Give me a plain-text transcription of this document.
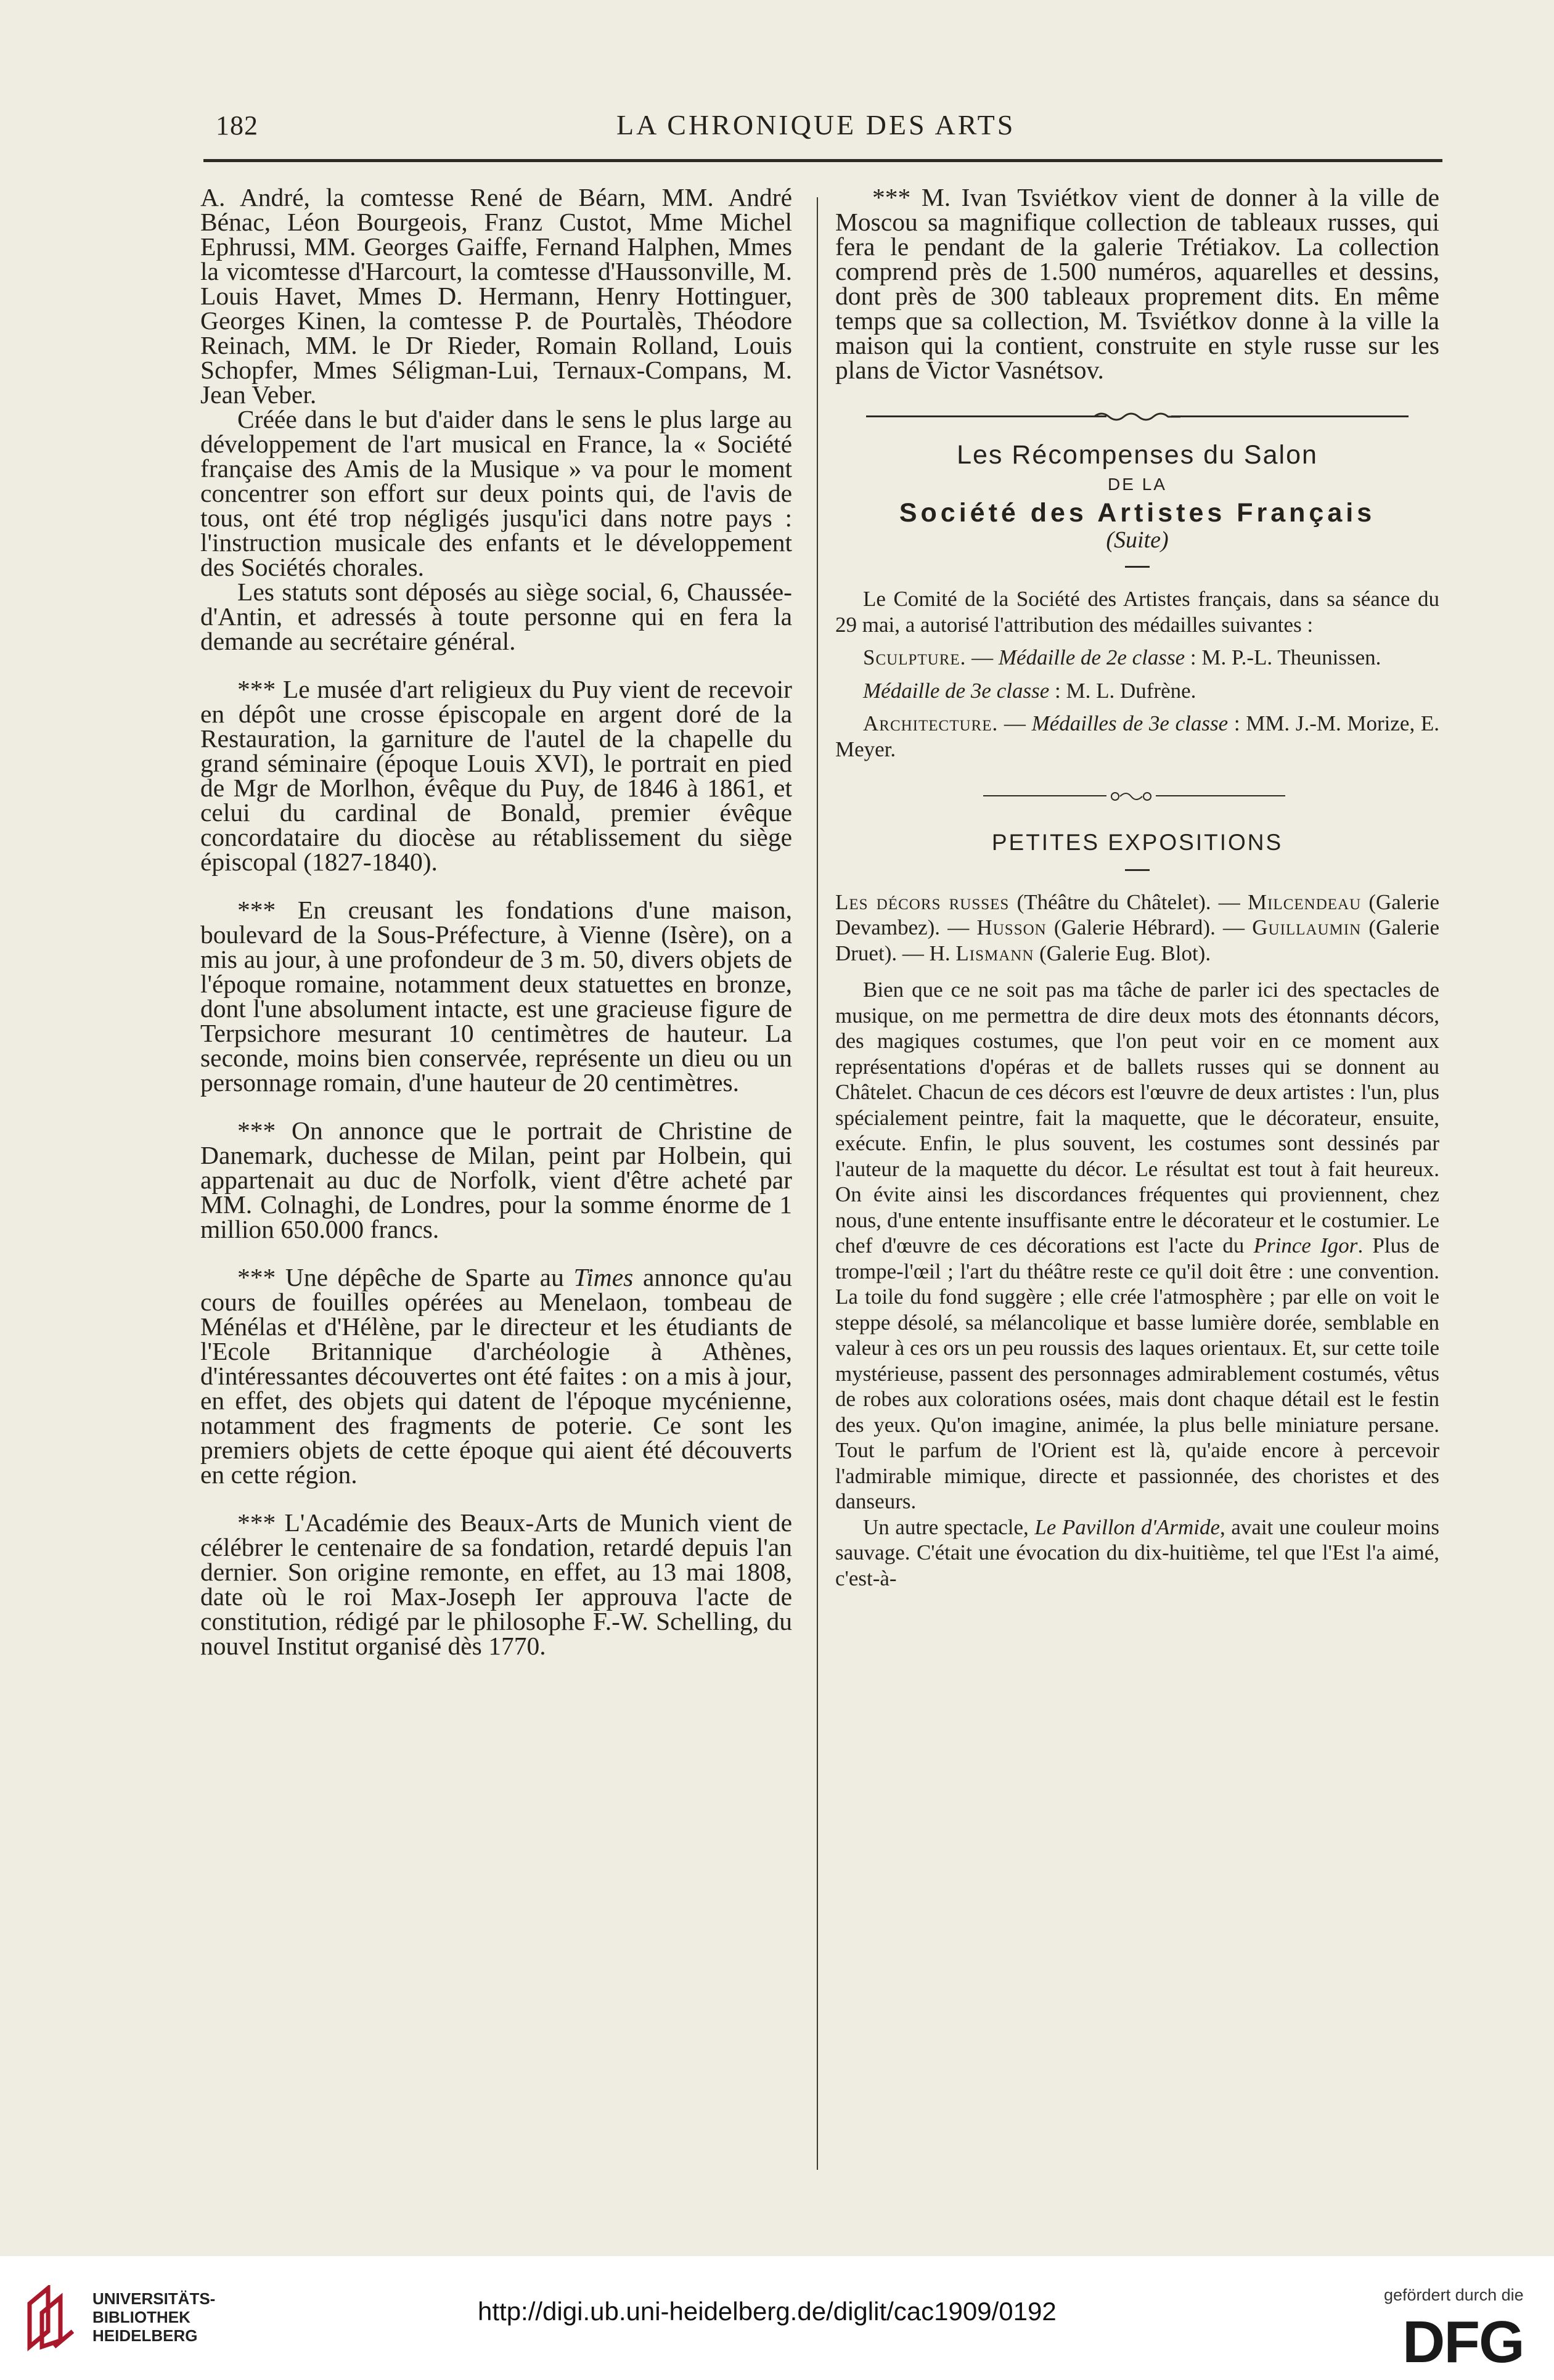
182	LA CHRONIQUE DES ARTS

A. André, la comtesse René de Béarn, MM. André Bénac, Léon Bourgeois, Franz Custot, Mme Michel Ephrussi, MM. Georges Gaiffe, Fernand Halphen, Mmes la vicomtesse d'Harcourt, la comtesse d'Haussonville, M. Louis Havet, Mmes D. Hermann, Henry Hottinguer, Georges Kinen, la comtesse P. de Pourtalès, Théodore Reinach, MM. le Dr Rieder, Romain Rolland, Louis Schopfer, Mmes Séligman-Lui, Ternaux-Compans, M. Jean Veber.

Créée dans le but d'aider dans le sens le plus large au développement de l'art musical en France, la « Société française des Amis de la Musique » va pour le moment concentrer son effort sur deux points qui, de l'avis de tous, ont été trop négligés jusqu'ici dans notre pays : l'instruction musicale des enfants et le développement des Sociétés chorales.

Les statuts sont déposés au siège social, 6, Chaussée-d'Antin, et adressés à toute personne qui en fera la demande au secrétaire général.

*** Le musée d'art religieux du Puy vient de recevoir en dépôt une crosse épiscopale en argent doré de la Restauration, la garniture de l'autel de la chapelle du grand séminaire (époque Louis XVI), le portrait en pied de Mgr de Morlhon, évêque du Puy, de 1846 à 1861, et celui du cardinal de Bonald, premier évêque concordataire du diocèse au rétablissement du siège épiscopal (1827-1840).

*** En creusant les fondations d'une maison, boulevard de la Sous-Préfecture, à Vienne (Isère), on a mis au jour, à une profondeur de 3 m. 50, divers objets de l'époque romaine, notamment deux statuettes en bronze, dont l'une absolument intacte, est une gracieuse figure de Terpsichore mesurant 10 centimètres de hauteur. La seconde, moins bien conservée, représente un dieu ou un personnage romain, d'une hauteur de 20 centimètres.

*** On annonce que le portrait de Christine de Danemark, duchesse de Milan, peint par Holbein, qui appartenait au duc de Norfolk, vient d'être acheté par MM. Colnaghi, de Londres, pour la somme énorme de 1 million 650.000 francs.

*** Une dépêche de Sparte au Times annonce qu'au cours de fouilles opérées au Menelaon, tombeau de Ménélas et d'Hélène, par le directeur et les étudiants de l'Ecole Britannique d'archéologie à Athènes, d'intéressantes découvertes ont été faites : on a mis à jour, en effet, des objets qui datent de l'époque mycénienne, notamment des fragments de poterie. Ce sont les premiers objets de cette époque qui aient été découverts en cette région.

*** L'Académie des Beaux-Arts de Munich vient de célébrer le centenaire de sa fondation, retardé depuis l'an dernier. Son origine remonte, en effet, au 13 mai 1808, date où le roi Max-Joseph Ier approuva l'acte de constitution, rédigé par le philosophe F.-W. Schelling, du nouvel Institut organisé dès 1770.

*** M. Ivan Tsviétkov vient de donner à la ville de Moscou sa magnifique collection de tableaux russes, qui fera le pendant de la galerie Trétiakov. La collection comprend près de 1.500 numéros, aquarelles et dessins, dont près de 300 tableaux proprement dits. En même temps que sa collection, M. Tsviétkov donne à la ville la maison qui la contient, construite en style russe sur les plans de Victor Vasnétsov.

Les Récompenses du Salon
DE LA
Société des Artistes Français
(Suite)

Le Comité de la Société des Artistes français, dans sa séance du 29 mai, a autorisé l'attribution des médailles suivantes :

Sculpture. — Médaille de 2e classe : M. P.-L. Theunissen.

Médaille de 3e classe : M. L. Dufrène.

Architecture. — Médailles de 3e classe : MM. J.-M. Morize, E. Meyer.

PETITES EXPOSITIONS

Les décors russes (Théâtre du Châtelet). — Milcendeau (Galerie Devambez). — Husson (Galerie Hébrard). — Guillaumin (Galerie Druet). — H. Lismann (Galerie Eug. Blot).

Bien que ce ne soit pas ma tâche de parler ici des spectacles de musique, on me permettra de dire deux mots des étonnants décors, des magiques costumes, que l'on peut voir en ce moment aux représentations d'opéras et de ballets russes qui se donnent au Châtelet. Chacun de ces décors est l'œuvre de deux artistes : l'un, plus spécialement peintre, fait la maquette, que le décorateur, ensuite, exécute. Enfin, le plus souvent, les costumes sont dessinés par l'auteur de la maquette du décor. Le résultat est tout à fait heureux. On évite ainsi les discordances fréquentes qui proviennent, chez nous, d'une entente insuffisante entre le décorateur et le costumier. Le chef d'œuvre de ces décorations est l'acte du Prince Igor. Plus de trompe-l'œil ; l'art du théâtre reste ce qu'il doit être : une convention. La toile du fond suggère ; elle crée l'atmosphère ; par elle on voit le steppe désolé, sa mélancolique et basse lumière dorée, semblable en valeur à ces ors un peu roussis des laques orientaux. Et, sur cette toile mystérieuse, passent des personnages admirablement costumés, vêtus de robes aux colorations osées, mais dont chaque détail est le festin des yeux. Qu'on imagine, animée, la plus belle miniature persane. Tout le parfum de l'Orient est là, qu'aide encore à percevoir l'admirable mimique, directe et passionnée, des choristes et des danseurs.

Un autre spectacle, Le Pavillon d'Armide, avait une couleur moins sauvage. C'était une évocation du dix-huitième, tel que l'Est l'a aimé, c'est-à-

UNIVERSITÄTS-
BIBLIOTHEK
HEIDELBERG
http://digi.ub.uni-heidelberg.de/diglit/cac1909/0192
gefördert durch die
DFG
